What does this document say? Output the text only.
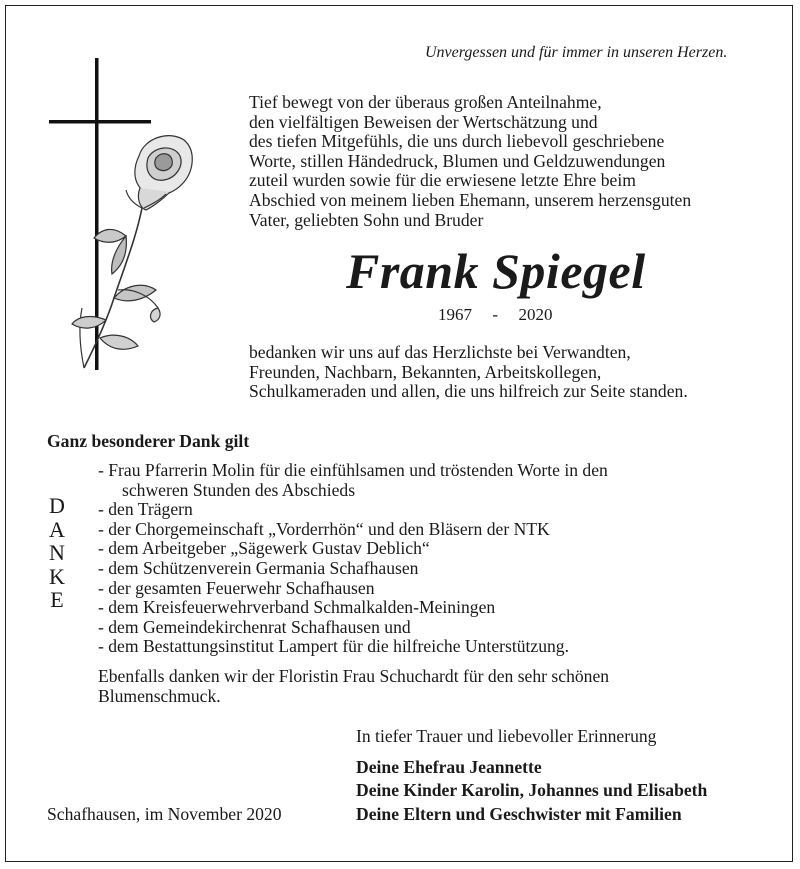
Unvergessen und für immer in unseren Herzen.
Tief bewegt von der überaus großen Anteilnahme,
den vielfältigen Beweisen der Wertschätzung und
des tiefen Mitgefühls, die uns durch liebevoll geschriebene
Worte, stillen Händedruck, Blumen und Geldzuwendungen
zuteil wurden sowie für die erwiesene letzte Ehre beim
Abschied von meinem lieben Ehemann, unserem herzensguten
Vater, geliebten Sohn und Bruder
Frank Spiegel
1967 - 2020
bedanken wir uns auf das Herzlichste bei Verwandten,
Freunden, Nachbarn, Bekannten, Arbeitskollegen,
Schulkameraden und allen, die uns hilfreich zur Seite standen.
Ganz besonderer Dank gilt
D
A
N
K
E
- Frau Pfarrerin Molin für die einfühlsamen und tröstenden Worte in den
schweren Stunden des Abschieds
- den Trägern
- der Chorgemeinschaft „Vorderrhön“ und den Bläsern der NTK
- dem Arbeitgeber „Sägewerk Gustav Deblich“
- dem Schützenverein Germania Schafhausen
- der gesamten Feuerwehr Schafhausen
- dem Kreisfeuerwehrverband Schmalkalden-Meiningen
- dem Gemeindekirchenrat Schafhausen und
- dem Bestattungsinstitut Lampert für die hilfreiche Unterstützung.
Ebenfalls danken wir der Floristin Frau Schuchardt für den sehr schönen
Blumenschmuck.
In tiefer Trauer und liebevoller Erinnerung
Deine Ehefrau Jeannette
Deine Kinder Karolin, Johannes und Elisabeth
Deine Eltern und Geschwister mit Familien
Schafhausen, im November 2020
